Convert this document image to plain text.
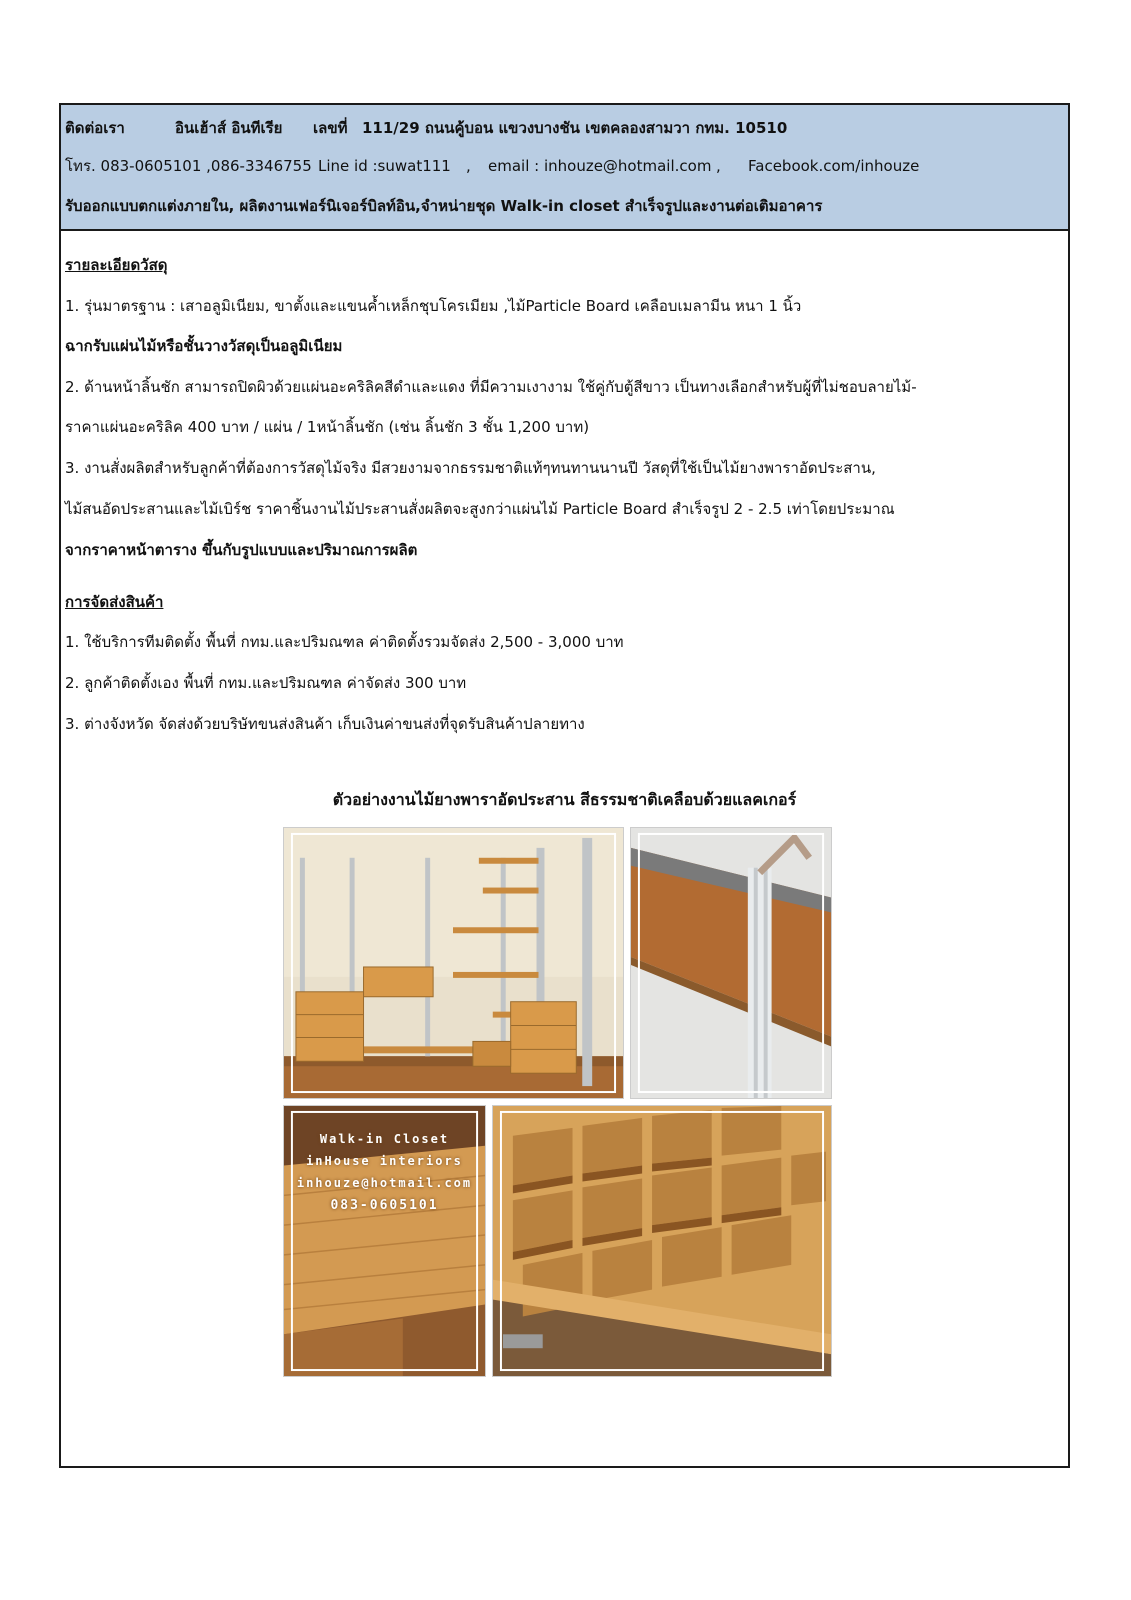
ติดต่อเรา	อินเฮ้าส์ อินทีเรีย เลขที่ 111/29 ถนนคู้บอน แขวงบางชัน เขตคลองสามวา กทม. 10510
โทร. 083-0605101 ,086-3346755 Line id :suwat111 , email : inhouze@hotmail.com , Facebook.com/inhouze
รับออกแบบตกแต่งภายใน, ผลิตงานเฟอร์นิเจอร์บิลท์อิน,จำหน่ายชุด Walk-in closet สำเร็จรูปและงานต่อเติมอาคาร
รายละเอียดวัสดุ
1. รุ่นมาตรฐาน : เสาอลูมิเนียม, ขาตั้งและแขนค้ำเหล็กชุบโครเมียม ,ไม้Particle Board เคลือบเมลามีน หนา 1 นิ้ว
ฉากรับแผ่นไม้หรือชั้นวางวัสดุเป็นอลูมิเนียม
2. ด้านหน้าลิ้นชัก สามารถปิดผิวด้วยแผ่นอะคริลิคสีดำและแดง ที่มีความเงางาม ใช้คู่กับตู้สีขาว เป็นทางเลือกสำหรับผู้ที่ไม่ชอบลายไม้-
ราคาแผ่นอะคริลิค 400 บาท / แผ่น / 1หน้าลิ้นชัก (เช่น ลิ้นชัก 3 ชั้น 1,200 บาท)
3. งานสั่งผลิตสำหรับลูกค้าที่ต้องการวัสดุไม้จริง มีสวยงามจากธรรมชาติแท้ๆทนทานนานปี วัสดุที่ใช้เป็นไม้ยางพาราอัดประสาน,
ไม้สนอัดประสานและไม้เบิร์ช ราคาชิ้นงานไม้ประสานสั่งผลิตจะสูงกว่าแผ่นไม้ Particle Board สำเร็จรูป 2 - 2.5 เท่าโดยประมาณ
จากราคาหน้าตาราง ขึ้นกับรูปแบบและปริมาณการผลิต
การจัดส่งสินค้า
1. ใช้บริการทีมติดตั้ง พื้นที่ กทม.และปริมณฑล ค่าติดตั้งรวมจัดส่ง 2,500 - 3,000 บาท
2. ลูกค้าติดตั้งเอง พื้นที่ กทม.และปริมณฑล ค่าจัดส่ง 300 บาท
3. ต่างจังหวัด จัดส่งด้วยบริษัทขนส่งสินค้า เก็บเงินค่าขนส่งที่จุดรับสินค้าปลายทาง
ตัวอย่างงานไม้ยางพาราอัดประสาน สีธรรมชาติเคลือบด้วยแลคเกอร์
Walk-in Closet
inHouse interiors
inhouze@hotmail.com
083-0605101
